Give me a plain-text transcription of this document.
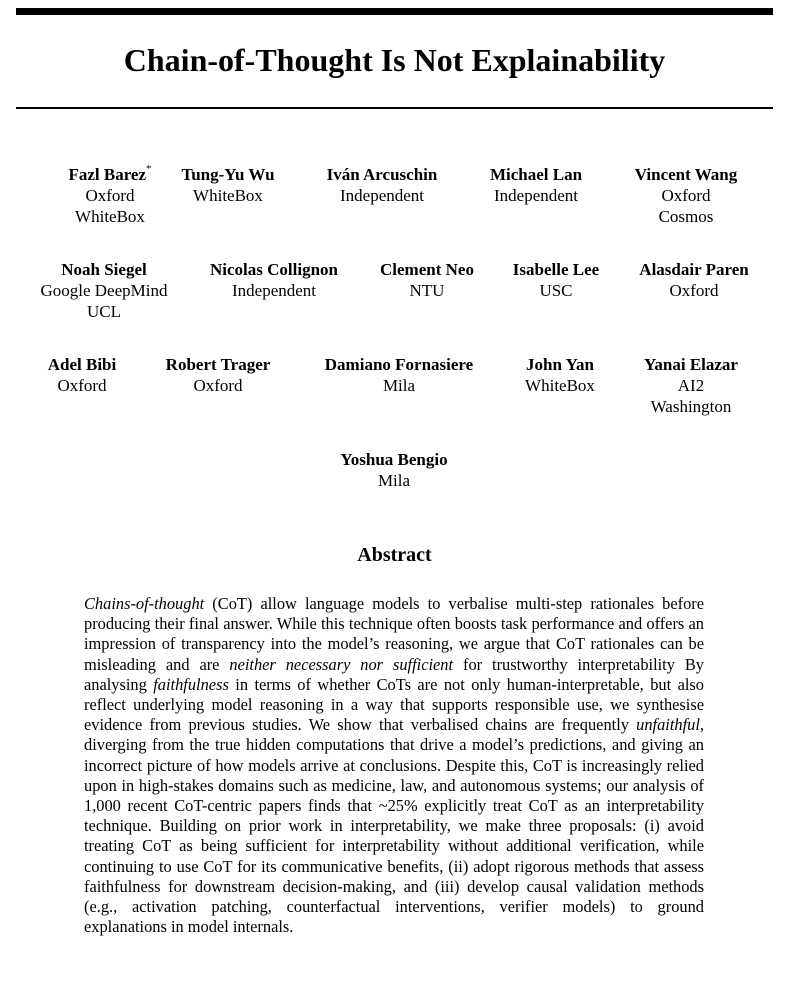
Chain-of-Thought Is Not Explainability
Fazl Barez*
Oxford
WhiteBox
Tung-Yu Wu
WhiteBox
Iván Arcuschin
Independent
Michael Lan
Independent
Vincent Wang
Oxford
Cosmos
Noah Siegel
Google DeepMind
UCL
Nicolas Collignon
Independent
Clement Neo
NTU
Isabelle Lee
USC
Alasdair Paren
Oxford
Adel Bibi
Oxford
Robert Trager
Oxford
Damiano Fornasiere
Mila
John Yan
WhiteBox
Yanai Elazar
AI2
Washington
Yoshua Bengio
Mila
Abstract

Chains-of-thought (CoT) allow language models to verbalise multi-step rationales before producing their final answer. While this technique often boosts task performance and offers an impression of transparency into the model’s reasoning, we argue that CoT rationales can be misleading and are neither necessary nor sufficient for trustworthy interpretability By analysing faithfulness in terms of whether CoTs are not only human-interpretable, but also reflect underlying model reasoning in a way that supports responsible use, we synthesise evidence from previous studies. We show that verbalised chains are frequently unfaithful, diverging from the true hidden computations that drive a model’s predictions, and giving an incorrect picture of how models arrive at conclusions. Despite this, CoT is increasingly relied upon in high-stakes domains such as medicine, law, and autonomous systems; our analysis of 1,000 recent CoT-centric papers finds that ~25% explicitly treat CoT as an interpretability technique. Building on prior work in interpretability, we make three proposals: (i) avoid treating CoT as being sufficient for interpretability without additional verification, while continuing to use CoT for its communicative benefits, (ii) adopt rigorous methods that assess faithfulness for downstream decision-making, and (iii) develop causal validation methods (e.g., activation patching, counterfactual interventions, verifier models) to ground explanations in model internals.
